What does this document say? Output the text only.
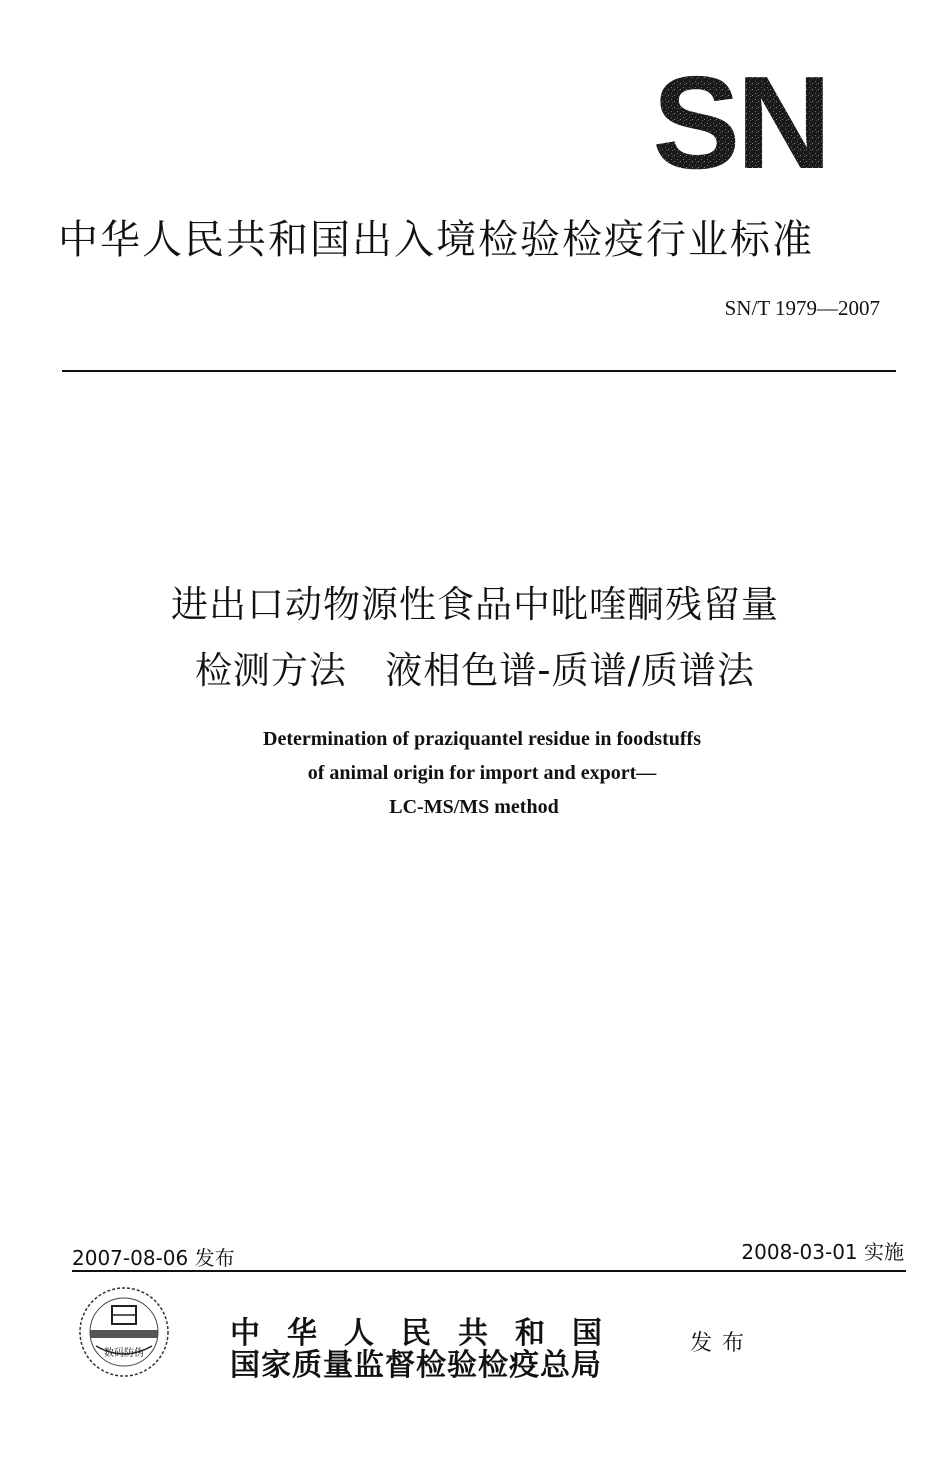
SN
中华人民共和国出入境检验检疫行业标准
SN/T 1979—2007
进出口动物源性食品中吡喹酮残留量
检测方法   液相色谱-质谱/质谱法
Determination of praziquantel residue in foodstuffs
of animal origin for import and export—
LC-MS/MS method
2007-08-06 发布	2008-03-01 实施
数码防伪
中华人民共和国
国家质量监督检验检疫总局
发布
